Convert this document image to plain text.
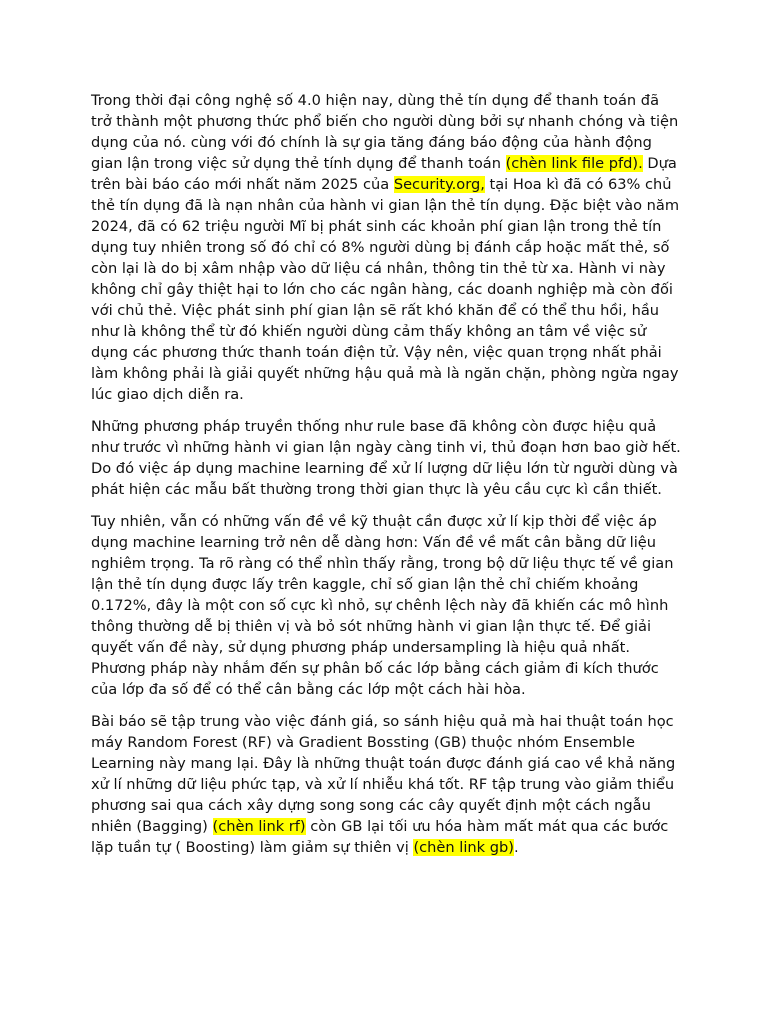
Trong thời đại công nghệ số 4.0 hiện nay, dùng thẻ tín dụng để thanh toán đã trở thành một phương thức phổ biến cho người dùng bởi sự nhanh chóng và tiện dụng của nó. cùng với đó chính là sự gia tăng đáng báo động của hành động gian lận trong việc sử dụng thẻ tính dụng để thanh toán (chèn link file pfd). Dựa trên bài báo cáo mới nhất năm 2025 của Security.org, tại Hoa kì đã có 63% chủ thẻ tín dụng đã là nạn nhân của hành vi gian lận thẻ tín dụng. Đặc biệt vào năm 2024, đã có 62 triệu người Mĩ bị phát sinh các khoản phí gian lận trong thẻ tín dụng tuy nhiên trong số đó chỉ có 8% người dùng bị đánh cắp hoặc mất thẻ, số còn lại là do bị xâm nhập vào dữ liệu cá nhân, thông tin thẻ từ xa. Hành vi này không chỉ gây thiệt hại to lớn cho các ngân hàng, các doanh nghiệp mà còn đối với chủ thẻ. Việc phát sinh phí gian lận sẽ rất khó khăn để có thể thu hồi, hầu như là không thể từ đó khiến người dùng cảm thấy không an tâm về việc sử dụng các phương thức thanh toán điện tử. Vậy nên, việc quan trọng nhất phải làm không phải là giải quyết những hậu quả mà là ngăn chặn, phòng ngừa ngay lúc giao dịch diễn ra.

Những phương pháp truyền thống như rule base đã không còn được hiệu quả như trước vì những hành vi gian lận ngày càng tinh vi, thủ đoạn hơn bao giờ hết. Do đó việc áp dụng machine learning để xử lí lượng dữ liệu lớn từ người dùng và phát hiện các mẫu bất thường trong thời gian thực là yêu cầu cực kì cần thiết.

Tuy nhiên, vẫn có những vấn đề về kỹ thuật cần được xử lí kịp thời để việc áp dụng machine learning trở nên dễ dàng hơn: Vấn đề về mất cân bằng dữ liệu nghiêm trọng. Ta rõ ràng có thể nhìn thấy rằng, trong bộ dữ liệu thực tế về gian lận thẻ tín dụng được lấy trên kaggle, chỉ số gian lận thẻ chỉ chiếm khoảng 0.172%, đây là một con số cực kì nhỏ, sự chênh lệch này đã khiến các mô hình thông thường dễ bị thiên vị và bỏ sót những hành vi gian lận thực tế. Để giải quyết vấn đề này, sử dụng phương pháp undersampling là hiệu quả nhất. Phương pháp này nhắm đến sự phân bố các lớp bằng cách giảm đi kích thước của lớp đa số để có thể cân bằng các lớp một cách hài hòa.

Bài báo sẽ tập trung vào việc đánh giá, so sánh hiệu quả mà hai thuật toán học máy Random Forest (RF) và Gradient Bossting (GB) thuộc nhóm Ensemble Learning này mang lại. Đây là những thuật toán được đánh giá cao về khả năng xử lí những dữ liệu phức tạp, và xử lí nhiễu khá tốt. RF tập trung vào giảm thiểu phương sai qua cách xây dựng song song các cây quyết định một cách ngẫu nhiên (Bagging) (chèn link rf) còn GB lại tối ưu hóa hàm mất mát qua các bước lặp tuần tự ( Boosting) làm giảm sự thiên vị (chèn link gb).
